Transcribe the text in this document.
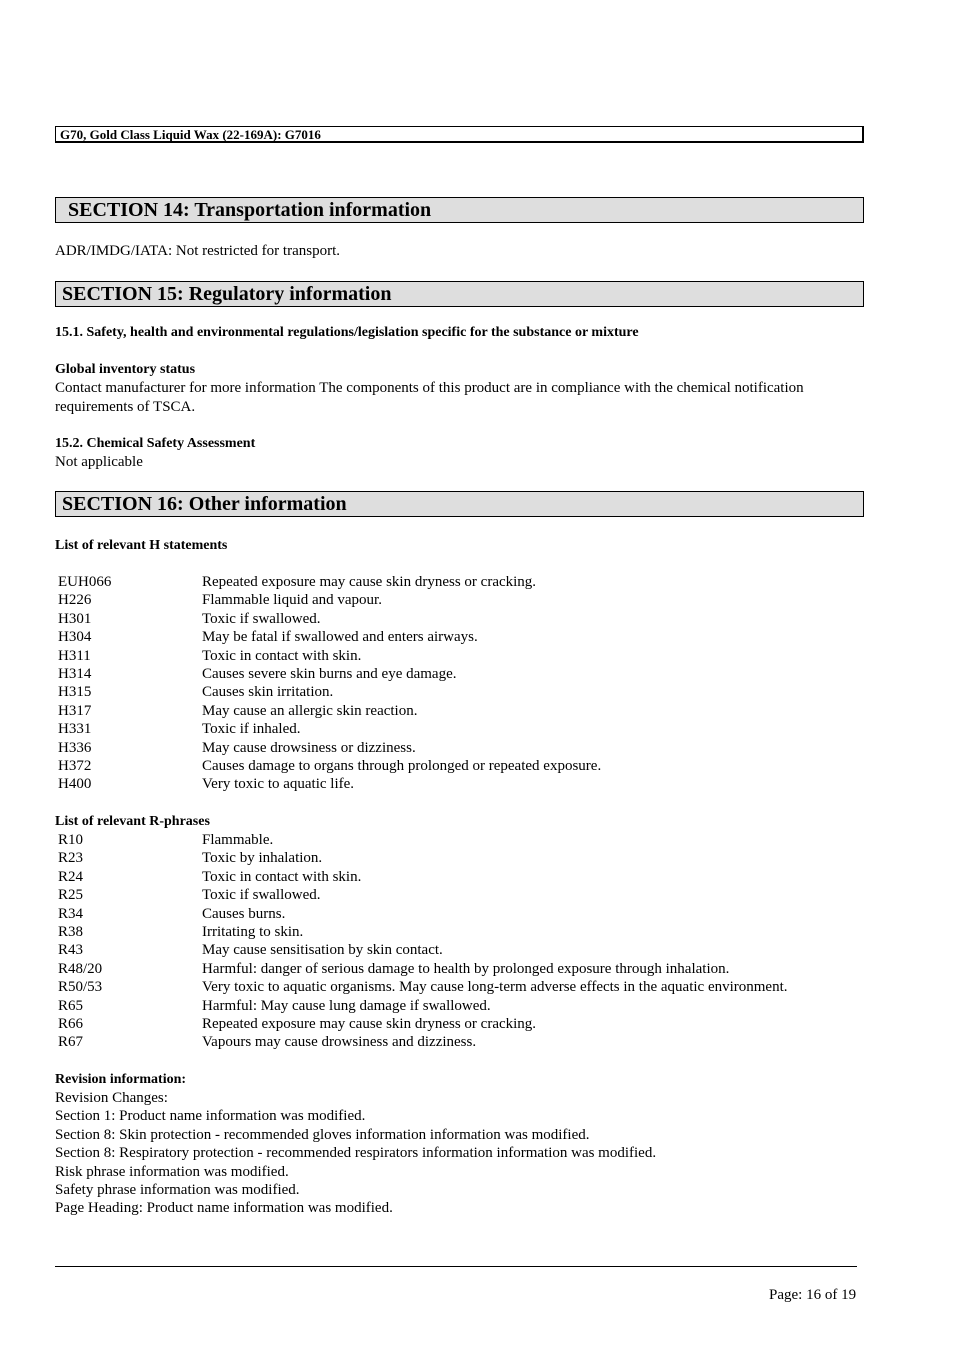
G70, Gold Class Liquid Wax (22-169A): G7016
SECTION 14: Transportation information
ADR/IMDG/IATA: Not restricted for transport.
SECTION 15: Regulatory information
15.1. Safety, health and environmental regulations/legislation specific for the substance or mixture
Global inventory status
Contact manufacturer for more information The components of this product are in compliance with the chemical notification
requirements of TSCA.
15.2. Chemical Safety Assessment
Not applicable
SECTION 16: Other information
List of relevant H statements
EUH066	Repeated exposure may cause skin dryness or cracking.
H226	Flammable liquid and vapour.
H301	Toxic if swallowed.
H304	May be fatal if swallowed and enters airways.
H311	Toxic in contact with skin.
H314	Causes severe skin burns and eye damage.
H315	Causes skin irritation.
H317	May cause an allergic skin reaction.
H331	Toxic if inhaled.
H336	May cause drowsiness or dizziness.
H372	Causes damage to organs through prolonged or repeated exposure.
H400	Very toxic to aquatic life.
List of relevant R-phrases
R10	Flammable.
R23	Toxic by inhalation.
R24	Toxic in contact with skin.
R25	Toxic if swallowed.
R34	Causes burns.
R38	Irritating to skin.
R43	May cause sensitisation by skin contact.
R48/20	Harmful: danger of serious damage to health by prolonged exposure through inhalation.
R50/53	Very toxic to aquatic organisms. May cause long-term adverse effects in the aquatic environment.
R65	Harmful: May cause lung damage if swallowed.
R66	Repeated exposure may cause skin dryness or cracking.
R67	Vapours may cause drowsiness and dizziness.
Revision information:
Revision Changes:
Section 1: Product name information was modified.
Section 8: Skin protection - recommended gloves information information was modified.
Section 8: Respiratory protection - recommended respirators information information was modified.
Risk phrase information was modified.
Safety phrase information was modified.
Page Heading: Product name information was modified.
Page: 16 of 19
